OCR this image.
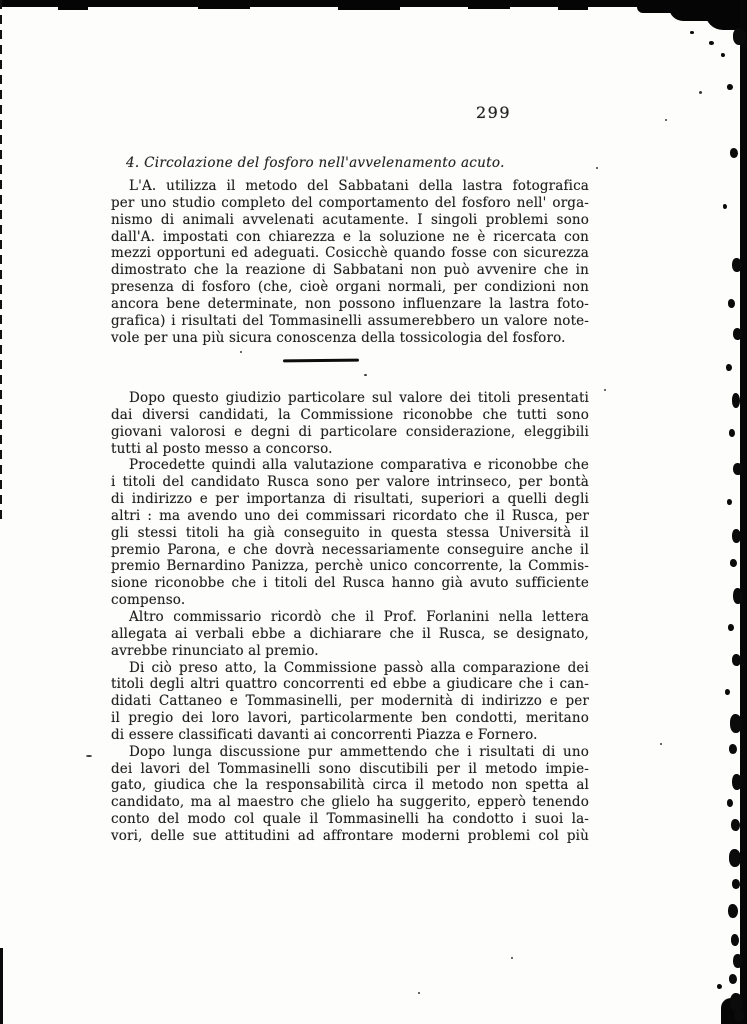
299
4. Circolazione del fosforo nell'avvelenamento acuto.
L'A. utilizza il metodo del Sabbatani della lastra fotografica
per uno studio completo del comportamento del fosforo nell' orga-
nismo di animali avvelenati acutamente. I singoli problemi sono
dall'A. impostati con chiarezza e la soluzione ne è ricercata con
mezzi opportuni ed adeguati. Cosicchè quando fosse con sicurezza
dimostrato che la reazione di Sabbatani non può avvenire che in
presenza di fosforo (che, cioè organi normali, per condizioni non
ancora bene determinate, non possono influenzare la lastra foto-
grafica) i risultati del Tommasinelli assumerebbero un valore note-
vole per una più sicura conoscenza della tossicologia del fosforo.
Dopo questo giudizio particolare sul valore dei titoli presentati
dai diversi candidati, la Commissione riconobbe che tutti sono
giovani valorosi e degni di particolare considerazione, eleggibili
tutti al posto messo a concorso.
Procedette quindi alla valutazione comparativa e riconobbe che
i titoli del candidato Rusca sono per valore intrinseco, per bontà
di indirizzo e per importanza di risultati, superiori a quelli degli
altri : ma avendo uno dei commissari ricordato che il Rusca, per
gli stessi titoli ha già conseguito in questa stessa Università il
premio Parona, e che dovrà necessariamente conseguire anche il
premio Bernardino Panizza, perchè unico concorrente, la Commis-
sione riconobbe che i titoli del Rusca hanno già avuto sufficiente
compenso.
Altro commissario ricordò che il Prof. Forlanini nella lettera
allegata ai verbali ebbe a dichiarare che il Rusca, se designato,
avrebbe rinunciato al premio.
Di ciò preso atto, la Commissione passò alla comparazione dei
titoli degli altri quattro concorrenti ed ebbe a giudicare che i can-
didati Cattaneo e Tommasinelli, per modernità di indirizzo e per
il pregio dei loro lavori, particolarmente ben condotti, meritano
di essere classificati davanti ai concorrenti Piazza e Fornero.
Dopo lunga discussione pur ammettendo che i risultati di uno
dei lavori del Tommasinelli sono discutibili per il metodo impie-
gato, giudica che la responsabilità circa il metodo non spetta al
candidato, ma al maestro che glielo ha suggerito, epperò tenendo
conto del modo col quale il Tommasinelli ha condotto i suoi la-
vori, delle sue attitudini ad affrontare moderni problemi col più
